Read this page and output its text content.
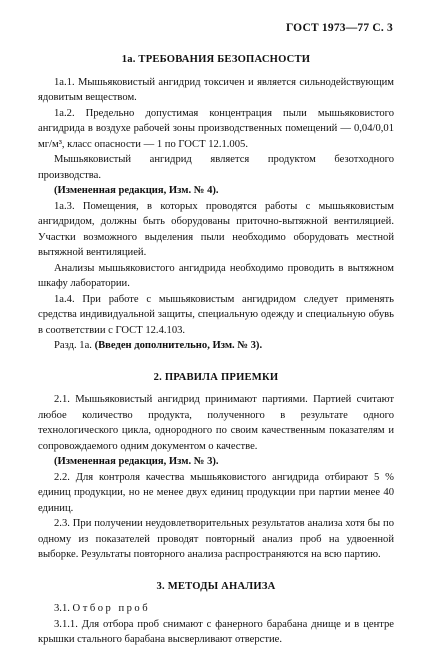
ГОСТ 1973—77 С. 3
1а. ТРЕБОВАНИЯ БЕЗОПАСНОСТИ

1а.1. Мышьяковистый ангидрид токсичен и является сильнодействующим ядовитым веществом.

1а.2. Предельно допустимая концентрация пыли мышьяковистого ангидрида в воздухе рабочей зоны производственных помещений — 0,04/0,01 мг/м³, класс опасности — 1 по ГОСТ 12.1.005.

Мышьяковистый ангидрид является продуктом безотходного производства.

(Измененная редакция, Изм. № 4).

1а.3. Помещения, в которых проводятся работы с мышьяковистым ангидридом, должны быть оборудованы приточно-вытяжной вентиляцией. Участки возможного выделения пыли необходимо оборудовать местной вытяжной вентиляцией.

Анализы мышьяковистого ангидрида необходимо проводить в вытяжном шкафу лаборатории.

1а.4. При работе с мышьяковистым ангидридом следует применять средства индивидуальной защиты, специальную одежду и специальную обувь в соответствии с ГОСТ 12.4.103.

Разд. 1а. (Введен дополнительно, Изм. № 3).

2. ПРАВИЛА ПРИЕМКИ

2.1. Мышьяковистый ангидрид принимают партиями. Партией считают любое количество продукта, полученного в результате одного технологического цикла, однородного по своим качественным показателям и сопровождаемого одним документом о качестве.

(Измененная редакция, Изм. № 3).

2.2. Для контроля качества мышьяковистого ангидрида отбирают 5 % единиц продукции, но не менее двух единиц продукции при партии менее 40 единиц.

2.3. При получении неудовлетворительных результатов анализа хотя бы по одному из показателей проводят повторный анализ проб на удвоенной выборке. Результаты повторного анализа распространяются на всю партию.

3. МЕТОДЫ АНАЛИЗА

3.1. Отбор проб

3.1.1. Для отбора проб снимают с фанерного барабана днище и в центре крышки стального барабана высверливают отверстие.
